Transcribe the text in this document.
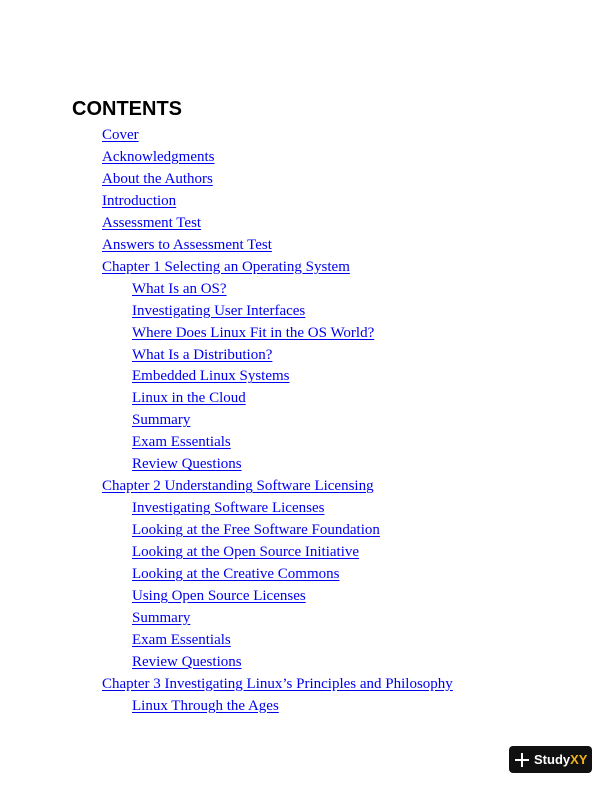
CONTENTS
Cover
Acknowledgments
About the Authors
Introduction
Assessment Test
Answers to Assessment Test
Chapter 1 Selecting an Operating System
What Is an OS?
Investigating User Interfaces
Where Does Linux Fit in the OS World?
What Is a Distribution?
Embedded Linux Systems
Linux in the Cloud
Summary
Exam Essentials
Review Questions
Chapter 2 Understanding Software Licensing
Investigating Software Licenses
Looking at the Free Software Foundation
Looking at the Open Source Initiative
Looking at the Creative Commons
Using Open Source Licenses
Summary
Exam Essentials
Review Questions
Chapter 3 Investigating Linux’s Principles and Philosophy
Linux Through the Ages
Study XY
